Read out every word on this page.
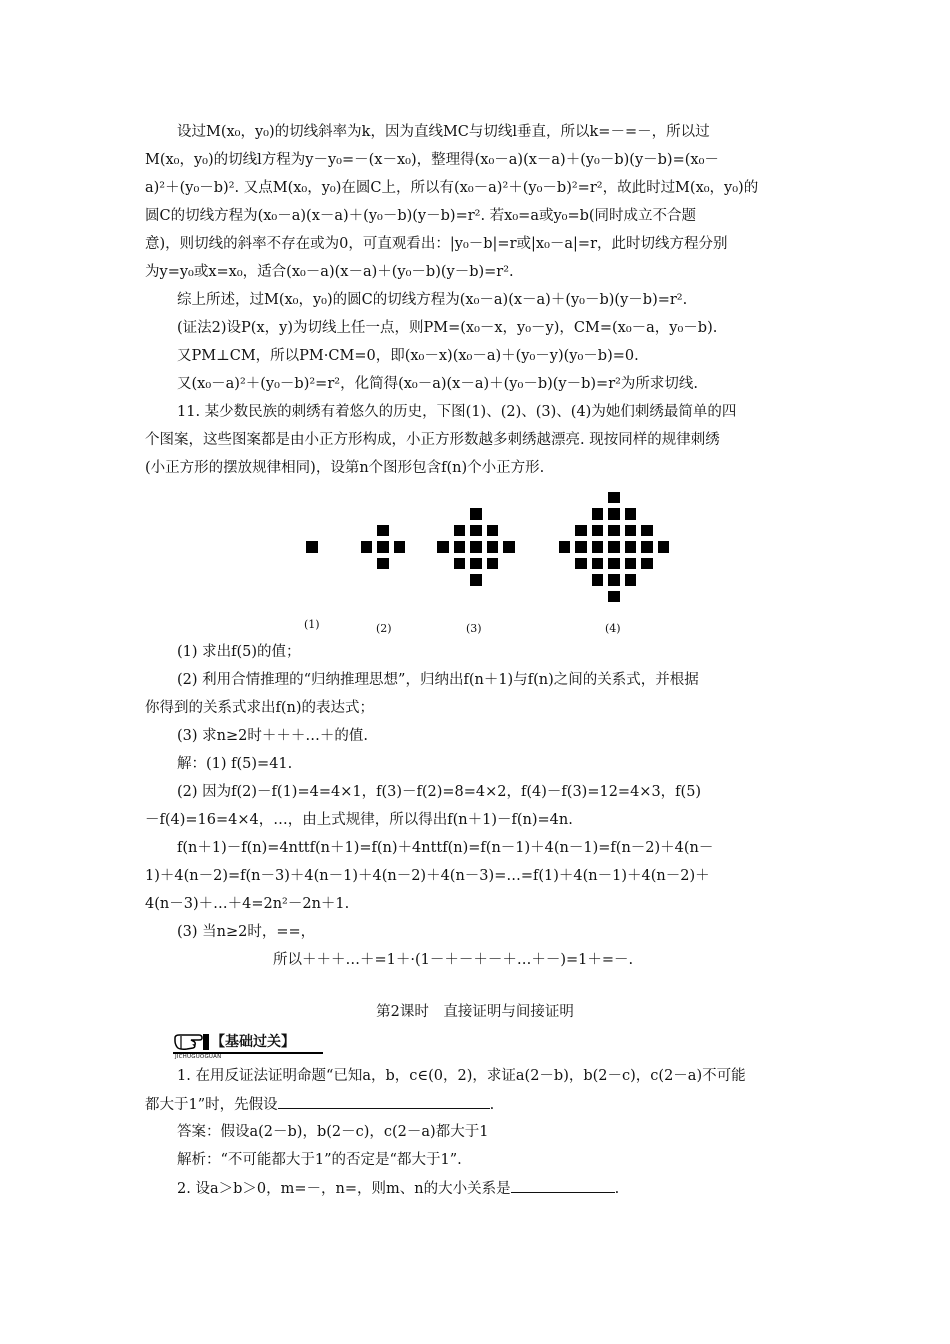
设过M(x₀，y₀)的切线斜率为k，因为直线MC与切线l垂直，所以k=－=－，所以过
M(x₀，y₀)的切线l方程为y－y₀=－(x－x₀)，整理得(x₀－a)(x－a)＋(y₀－b)(y－b)=(x₀－
a)²＋(y₀－b)². 又点M(x₀，y₀)在圆C上，所以有(x₀－a)²＋(y₀－b)²=r²，故此时过M(x₀，y₀)的
圆C的切线方程为(x₀－a)(x－a)＋(y₀－b)(y－b)=r². 若x₀=a或y₀=b(同时成立不合题
意)，则切线的斜率不存在或为0，可直观看出：|y₀－b|=r或|x₀－a|=r，此时切线方程分别
为y=y₀或x=x₀，适合(x₀－a)(x－a)＋(y₀－b)(y－b)=r².
综上所述，过M(x₀，y₀)的圆C的切线方程为(x₀－a)(x－a)＋(y₀－b)(y－b)=r².
(证法2)设P(x，y)为切线上任一点，则PM=(x₀－x，y₀－y)，CM=(x₀－a，y₀－b).
又PM⊥CM，所以PM·CM=0，即(x₀－x)(x₀－a)＋(y₀－y)(y₀－b)=0.
又(x₀－a)²＋(y₀－b)²=r²，化简得(x₀－a)(x－a)＋(y₀－b)(y－b)=r²为所求切线.
11. 某少数民族的刺绣有着悠久的历史，下图(1)、(2)、(3)、(4)为她们刺绣最简单的四
个图案，这些图案都是由小正方形构成，小正方形数越多刺绣越漂亮. 现按同样的规律刺绣
(小正方形的摆放规律相同)，设第n个图形包含f(n)个小正方形.
(1)	(2)	(3)	(4)
(1) 求出f(5)的值；
(2) 利用合情推理的“归纳推理思想”，归纳出f(n＋1)与f(n)之间的关系式，并根据
你得到的关系式求出f(n)的表达式；
(3) 求n≥2时＋＋＋…＋的值.
解：(1) f(5)=41.
(2) 因为f(2)－f(1)=4=4×1，f(3)－f(2)=8=4×2，f(4)－f(3)=12=4×3，f(5)
－f(4)=16=4×4，…，由上式规律，所以得出f(n＋1)－f(n)=4n.
f(n＋1)－f(n)=4nttf(n＋1)=f(n)＋4nttf(n)=f(n－1)＋4(n－1)=f(n－2)＋4(n－
1)＋4(n－2)=f(n－3)＋4(n－1)＋4(n－2)＋4(n－3)=…=f(1)＋4(n－1)＋4(n－2)＋
4(n－3)＋…＋4=2n²－2n＋1.
(3) 当n≥2时，==，
所以＋＋＋…＋=1＋·(1－＋－＋－＋…＋－)=1＋=－.
第2课时　直接证明与间接证明
【基础过关】
JICHUGUOGUAN
1. 在用反证法证明命题“已知a，b，c∈(0，2)，求证a(2－b)，b(2－c)，c(2－a)不可能
都大于1”时，先假设	.
答案：假设a(2－b)，b(2－c)，c(2－a)都大于1
解析：“不可能都大于1”的否定是“都大于1”.
2. 设a＞b＞0，m=－，n=，则m、n的大小关系是	.
